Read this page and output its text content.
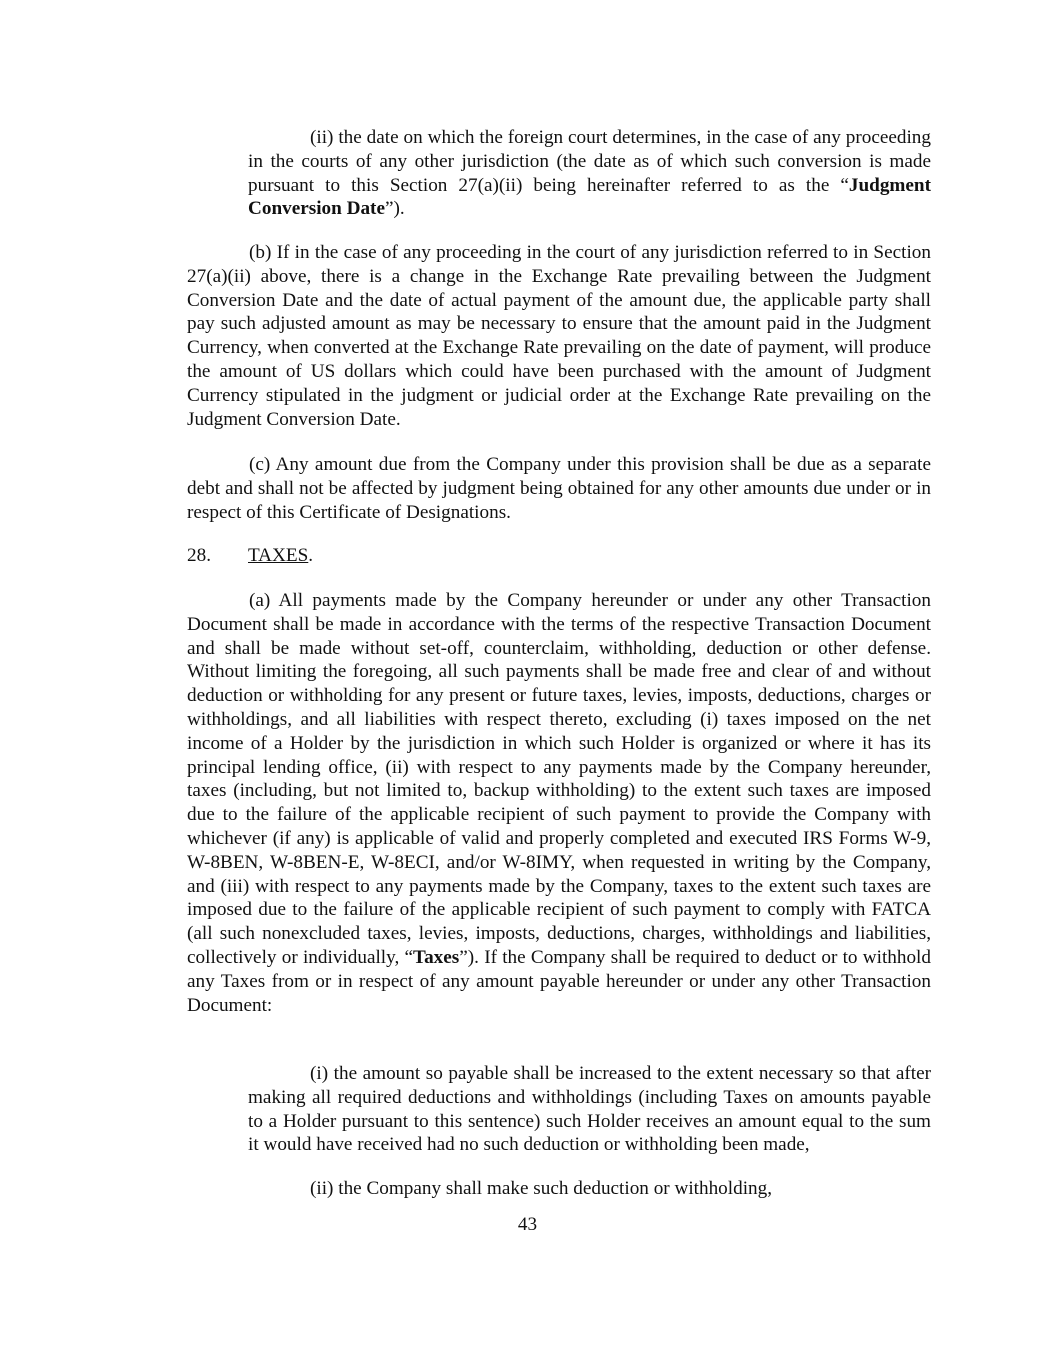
(ii) the date on which the foreign court determines, in the case of any proceeding in the courts of any other jurisdiction (the date as of which such conversion is made pursuant to this Section 27(a)(ii) being hereinafter referred to as the “Judgment Conversion Date”).

(b) If in the case of any proceeding in the court of any jurisdiction referred to in Section 27(a)(ii) above, there is a change in the Exchange Rate prevailing between the Judgment Conversion Date and the date of actual payment of the amount due, the applicable party shall pay such adjusted amount as may be necessary to ensure that the amount paid in the Judgment Currency, when converted at the Exchange Rate prevailing on the date of payment, will produce the amount of US dollars which could have been purchased with the amount of Judgment Currency stipulated in the judgment or judicial order at the Exchange Rate prevailing on the Judgment Conversion Date.

(c) Any amount due from the Company under this provision shall be due as a separate debt and shall not be affected by judgment being obtained for any other amounts due under or in respect of this Certificate of Designations.

28. TAXES.

(a) All payments made by the Company hereunder or under any other Transaction Document shall be made in accordance with the terms of the respective Transaction Document and shall be made without set-off, counterclaim, withholding, deduction or other defense. Without limiting the foregoing, all such payments shall be made free and clear of and without deduction or withholding for any present or future taxes, levies, imposts, deductions, charges or withholdings, and all liabilities with respect thereto, excluding (i) taxes imposed on the net income of a Holder by the jurisdiction in which such Holder is organized or where it has its principal lending office, (ii) with respect to any payments made by the Company hereunder, taxes (including, but not limited to, backup withholding) to the extent such taxes are imposed due to the failure of the applicable recipient of such payment to provide the Company with whichever (if any) is applicable of valid and properly completed and executed IRS Forms W-9, W-8BEN, W-8BEN-E, W-8ECI, and/or W-8IMY, when requested in writing by the Company, and (iii) with respect to any payments made by the Company, taxes to the extent such taxes are imposed due to the failure of the applicable recipient of such payment to comply with FATCA (all such nonexcluded taxes, levies, imposts, deductions, charges, withholdings and liabilities, collectively or individually, “Taxes”). If the Company shall be required to deduct or to withhold any Taxes from or in respect of any amount payable hereunder or under any other Transaction Document:

(i) the amount so payable shall be increased to the extent necessary so that after making all required deductions and withholdings (including Taxes on amounts payable to a Holder pursuant to this sentence) such Holder receives an amount equal to the sum it would have received had no such deduction or withholding been made,

(ii) the Company shall make such deduction or withholding,

43
